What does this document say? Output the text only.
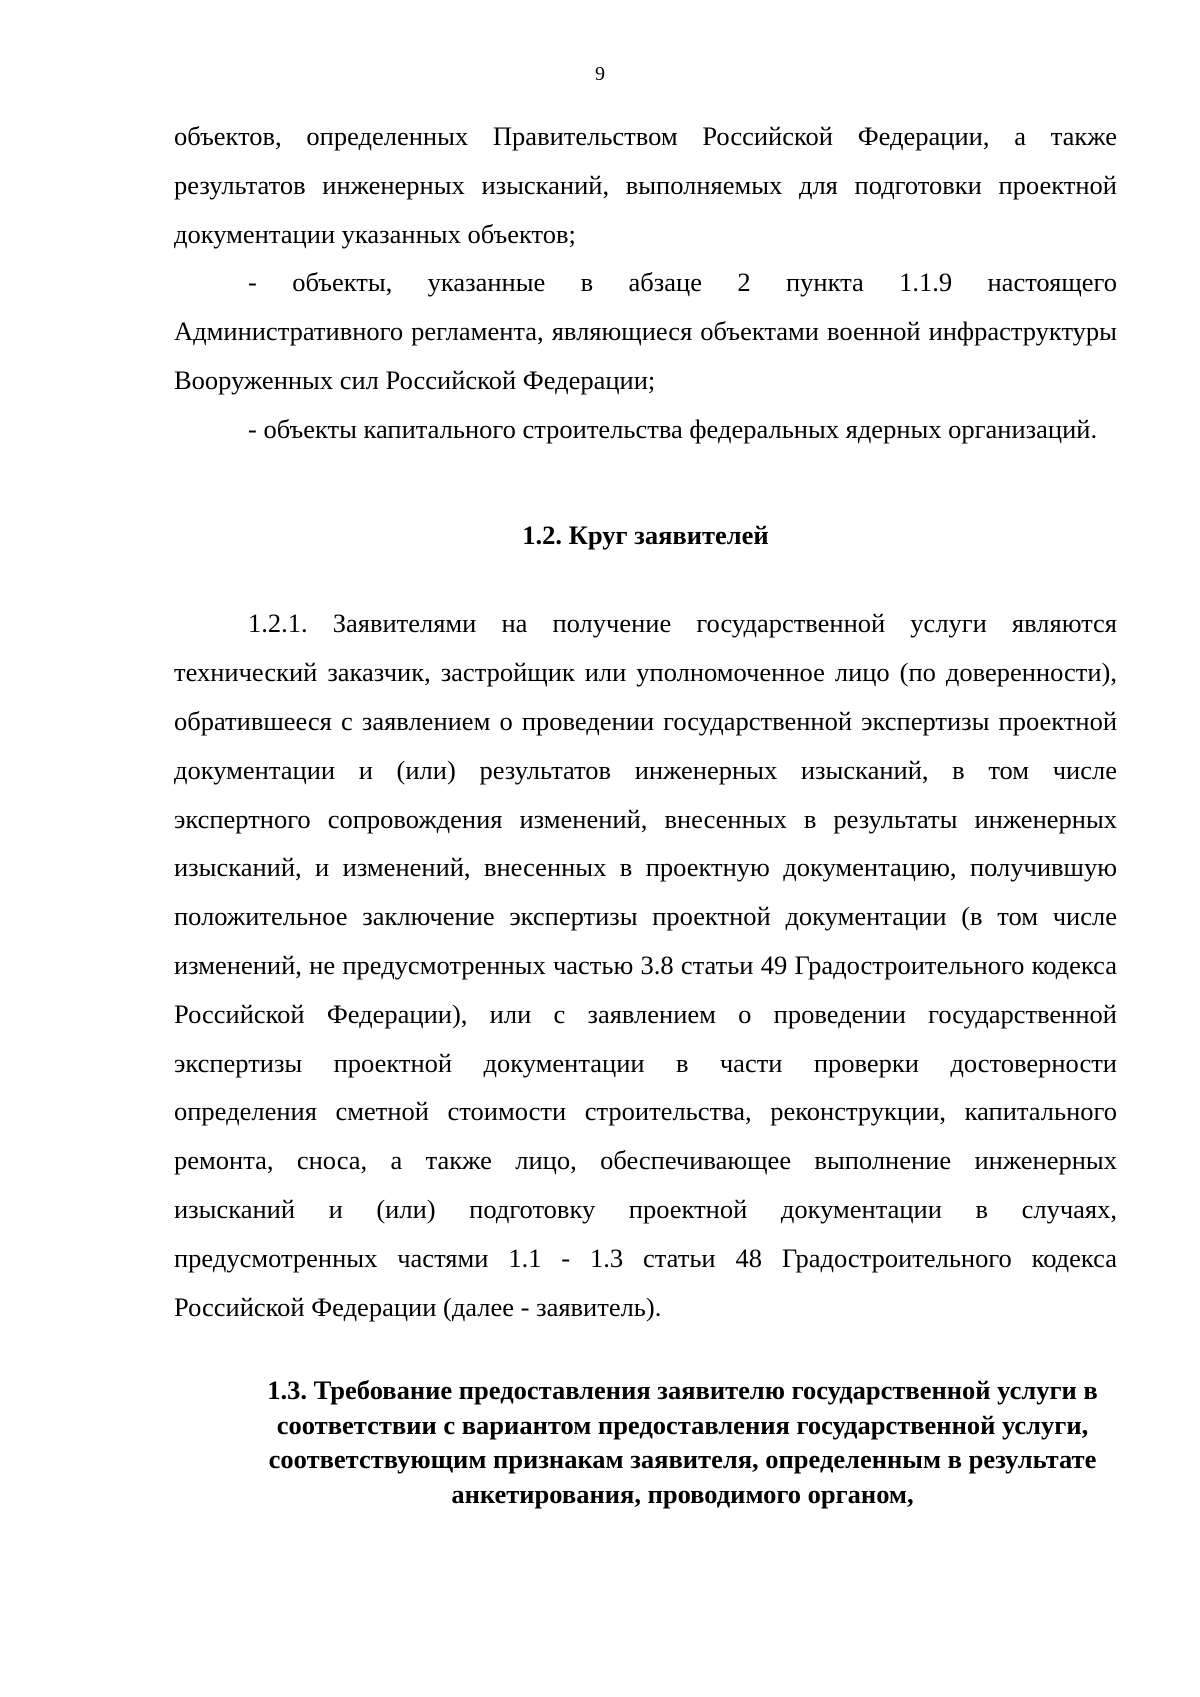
9

объектов, определенных Правительством Российской Федерации, а также результатов инженерных изысканий, выполняемых для подготовки проектной документации указанных объектов;

- объекты, указанные в абзаце 2 пункта 1.1.9 настоящего Административного регламента, являющиеся объектами военной инфраструктуры Вооруженных сил Российской Федерации;

- объекты капитального строительства федеральных ядерных организаций.

1.2. Круг заявителей

1.2.1. Заявителями на получение государственной услуги являются технический заказчик, застройщик или уполномоченное лицо (по доверенности), обратившееся с заявлением о проведении государственной экспертизы проектной документации и (или) результатов инженерных изысканий, в том числе экспертного сопровождения изменений, внесенных в результаты инженерных изысканий, и изменений, внесенных в проектную документацию, получившую положительное заключение экспертизы проектной документации (в том числе изменений, не предусмотренных частью 3.8 статьи 49 Градостроительного кодекса Российской Федерации), или с заявлением о проведении государственной экспертизы проектной документации в части проверки достоверности определения сметной стоимости строительства, реконструкции, капитального ремонта, сноса, а также лицо, обеспечивающее выполнение инженерных изысканий и (или) подготовку проектной документации в случаях, предусмотренных частями 1.1 - 1.3 статьи 48 Градостроительного кодекса Российской Федерации (далее - заявитель).

1.3. Требование предоставления заявителю государственной услуги в соответствии с вариантом предоставления государственной услуги, соответствующим признакам заявителя, определенным в результате анкетирования, проводимого органом,
